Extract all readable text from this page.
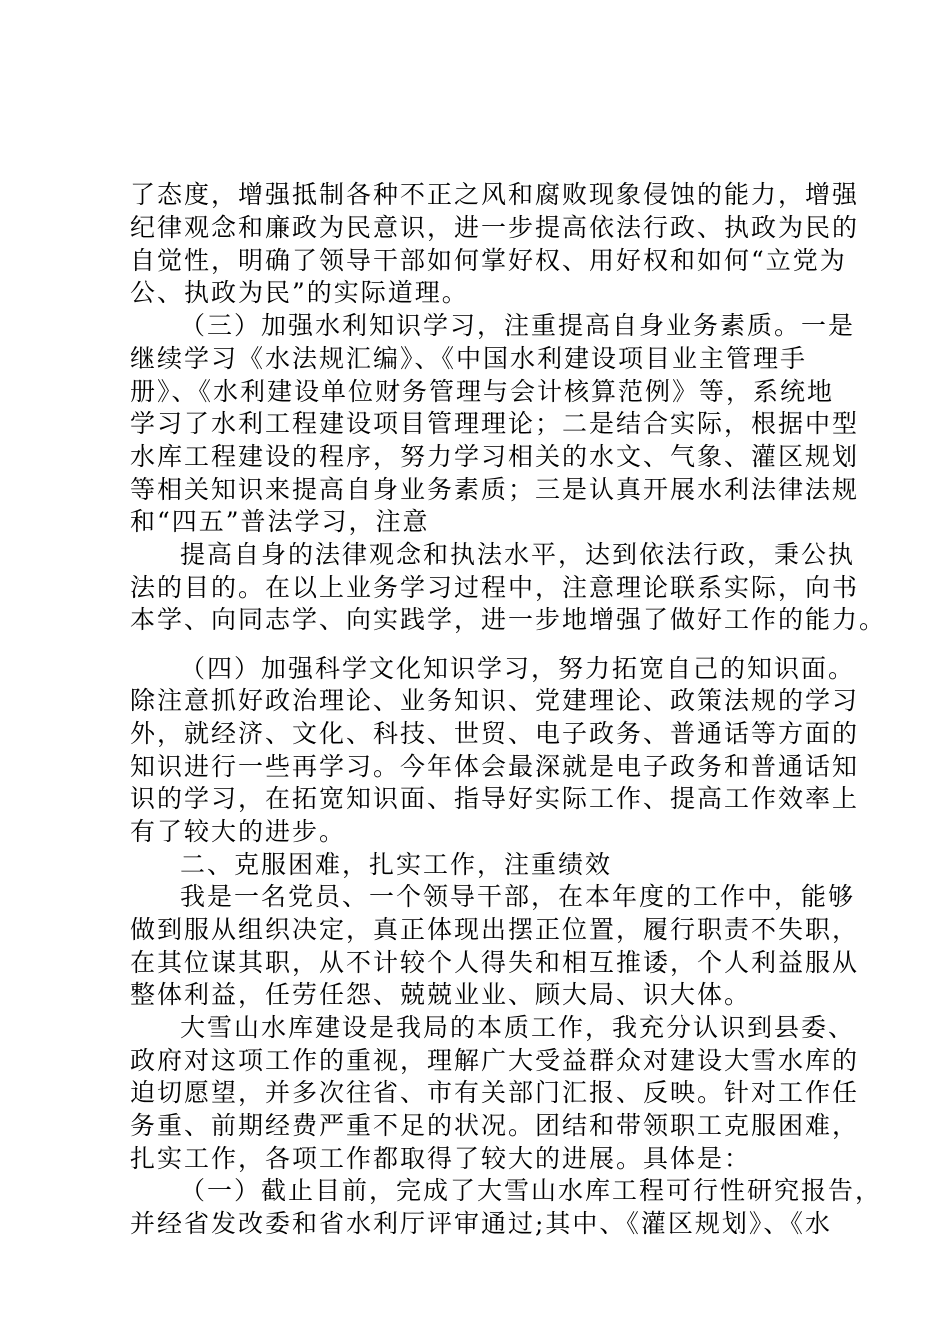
了态度，增强抵制各种不正之风和腐败现象侵蚀的能力，增强
纪律观念和廉政为民意识，进一步提高依法行政、执政为民的
自觉性，明确了领导干部如何掌好权、用好权和如何“立党为
公、执政为民”的实际道理。
（三）加强水利知识学习，注重提高自身业务素质。一是
继续学习《水法规汇编》、《中国水利建设项目业主管理手
册》、《水利建设单位财务管理与会计核算范例》等，系统地
学习了水利工程建设项目管理理论；二是结合实际，根据中型
水库工程建设的程序，努力学习相关的水文、气象、灌区规划
等相关知识来提高自身业务素质；三是认真开展水利法律法规
和“四五”普法学习，注意
提高自身的法律观念和执法水平，达到依法行政，秉公执
法的目的。在以上业务学习过程中，注意理论联系实际，向书
本学、向同志学、向实践学，进一步地增强了做好工作的能力。
（四）加强科学文化知识学习，努力拓宽自己的知识面。
除注意抓好政治理论、业务知识、党建理论、政策法规的学习
外，就经济、文化、科技、世贸、电子政务、普通话等方面的
知识进行一些再学习。今年体会最深就是电子政务和普通话知
识的学习，在拓宽知识面、指导好实际工作、提高工作效率上
有了较大的进步。
二、克服困难，扎实工作，注重绩效
我是一名党员、一个领导干部，在本年度的工作中，能够
做到服从组织决定，真正体现出摆正位置，履行职责不失职，
在其位谋其职，从不计较个人得失和相互推诿，个人利益服从
整体利益，任劳任怨、兢兢业业、顾大局、识大体。
大雪山水库建设是我局的本质工作，我充分认识到县委、
政府对这项工作的重视，理解广大受益群众对建设大雪水库的
迫切愿望，并多次往省、市有关部门汇报、反映。针对工作任
务重、前期经费严重不足的状况。团结和带领职工克服困难，
扎实工作，各项工作都取得了较大的进展。具体是：
（一）截止目前，完成了大雪山水库工程可行性研究报告，
并经省发改委和省水利厅评审通过;其中、《灌区规划》、《水
